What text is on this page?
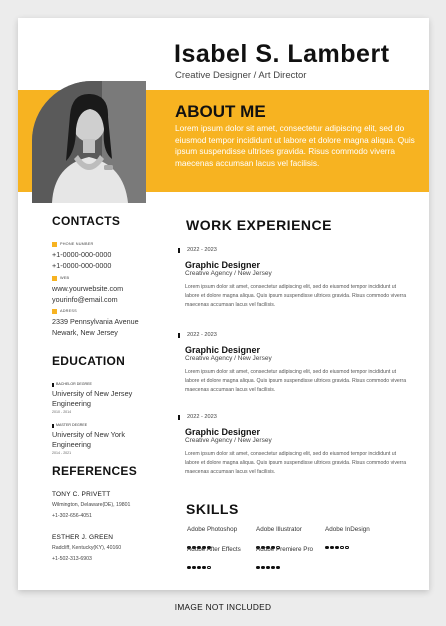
Isabel S. Lambert
Creative Designer / Art Director
ABOUT ME
Lorem ipsum dolor sit amet, consectetur adipiscing elit, sed do eiusmod tempor incididunt ut labore et dolore magna aliqua. Quis ipsum suspendisse ultrices gravida. Risus commodo viverra maecenas accumsan lacus vel facilisis.
CONTACTS
PHONE NUMBER
+1-0000-000-0000
+1-0000-000-0000
WEB
www.yourwebsite.com
yourinfo@email.com
ADRESS
2339 Pennsylvania Avenue
Newark, New Jersey
EDUCATION
BACHELOR DEGREE
University of New Jersey
Engineering
2010 - 2014
MASTER DEGREE
University of New York
Engineering
2014 - 2021
REFERENCES
TONY C. PRIVETT
Wilmington, Delaware(DE), 19801
+1-302-656-4051
ESTHER J. GREEN
Radcliff, Kentucky(KY), 40160
+1-502-313-6903
WORK EXPERIENCE
2022 - 2023
Graphic Designer
Creative Agency / New Jersey
Lorem ipsum dolor sit amet, consectetur adipiscing elit, sed do eiusmod tempor incididunt ut labore et dolore magna aliqua. Quis ipsum suspendisse ultrices gravida. Risus commodo viverra maecenas accumsan lacus vel facilisis.
2022 - 2023
Graphic Designer
Creative Agency / New Jersey
Lorem ipsum dolor sit amet, consectetur adipiscing elit, sed do eiusmod tempor incididunt ut labore et dolore magna aliqua. Quis ipsum suspendisse ultrices gravida. Risus commodo viverra maecenas accumsan lacus vel facilisis.
2022 - 2023
Graphic Designer
Creative Agency / New Jersey
Lorem ipsum dolor sit amet, consectetur adipiscing elit, sed do eiusmod tempor incididunt ut labore et dolore magna aliqua. Quis ipsum suspendisse ultrices gravida. Risus commodo viverra maecenas accumsan lacus vel facilisis.
SKILLS
Adobe Photoshop	Adobe Illustrator	Adobe InDesign
Adobe After Effects Adobe Premiere Pro
IMAGE NOT INCLUDED
